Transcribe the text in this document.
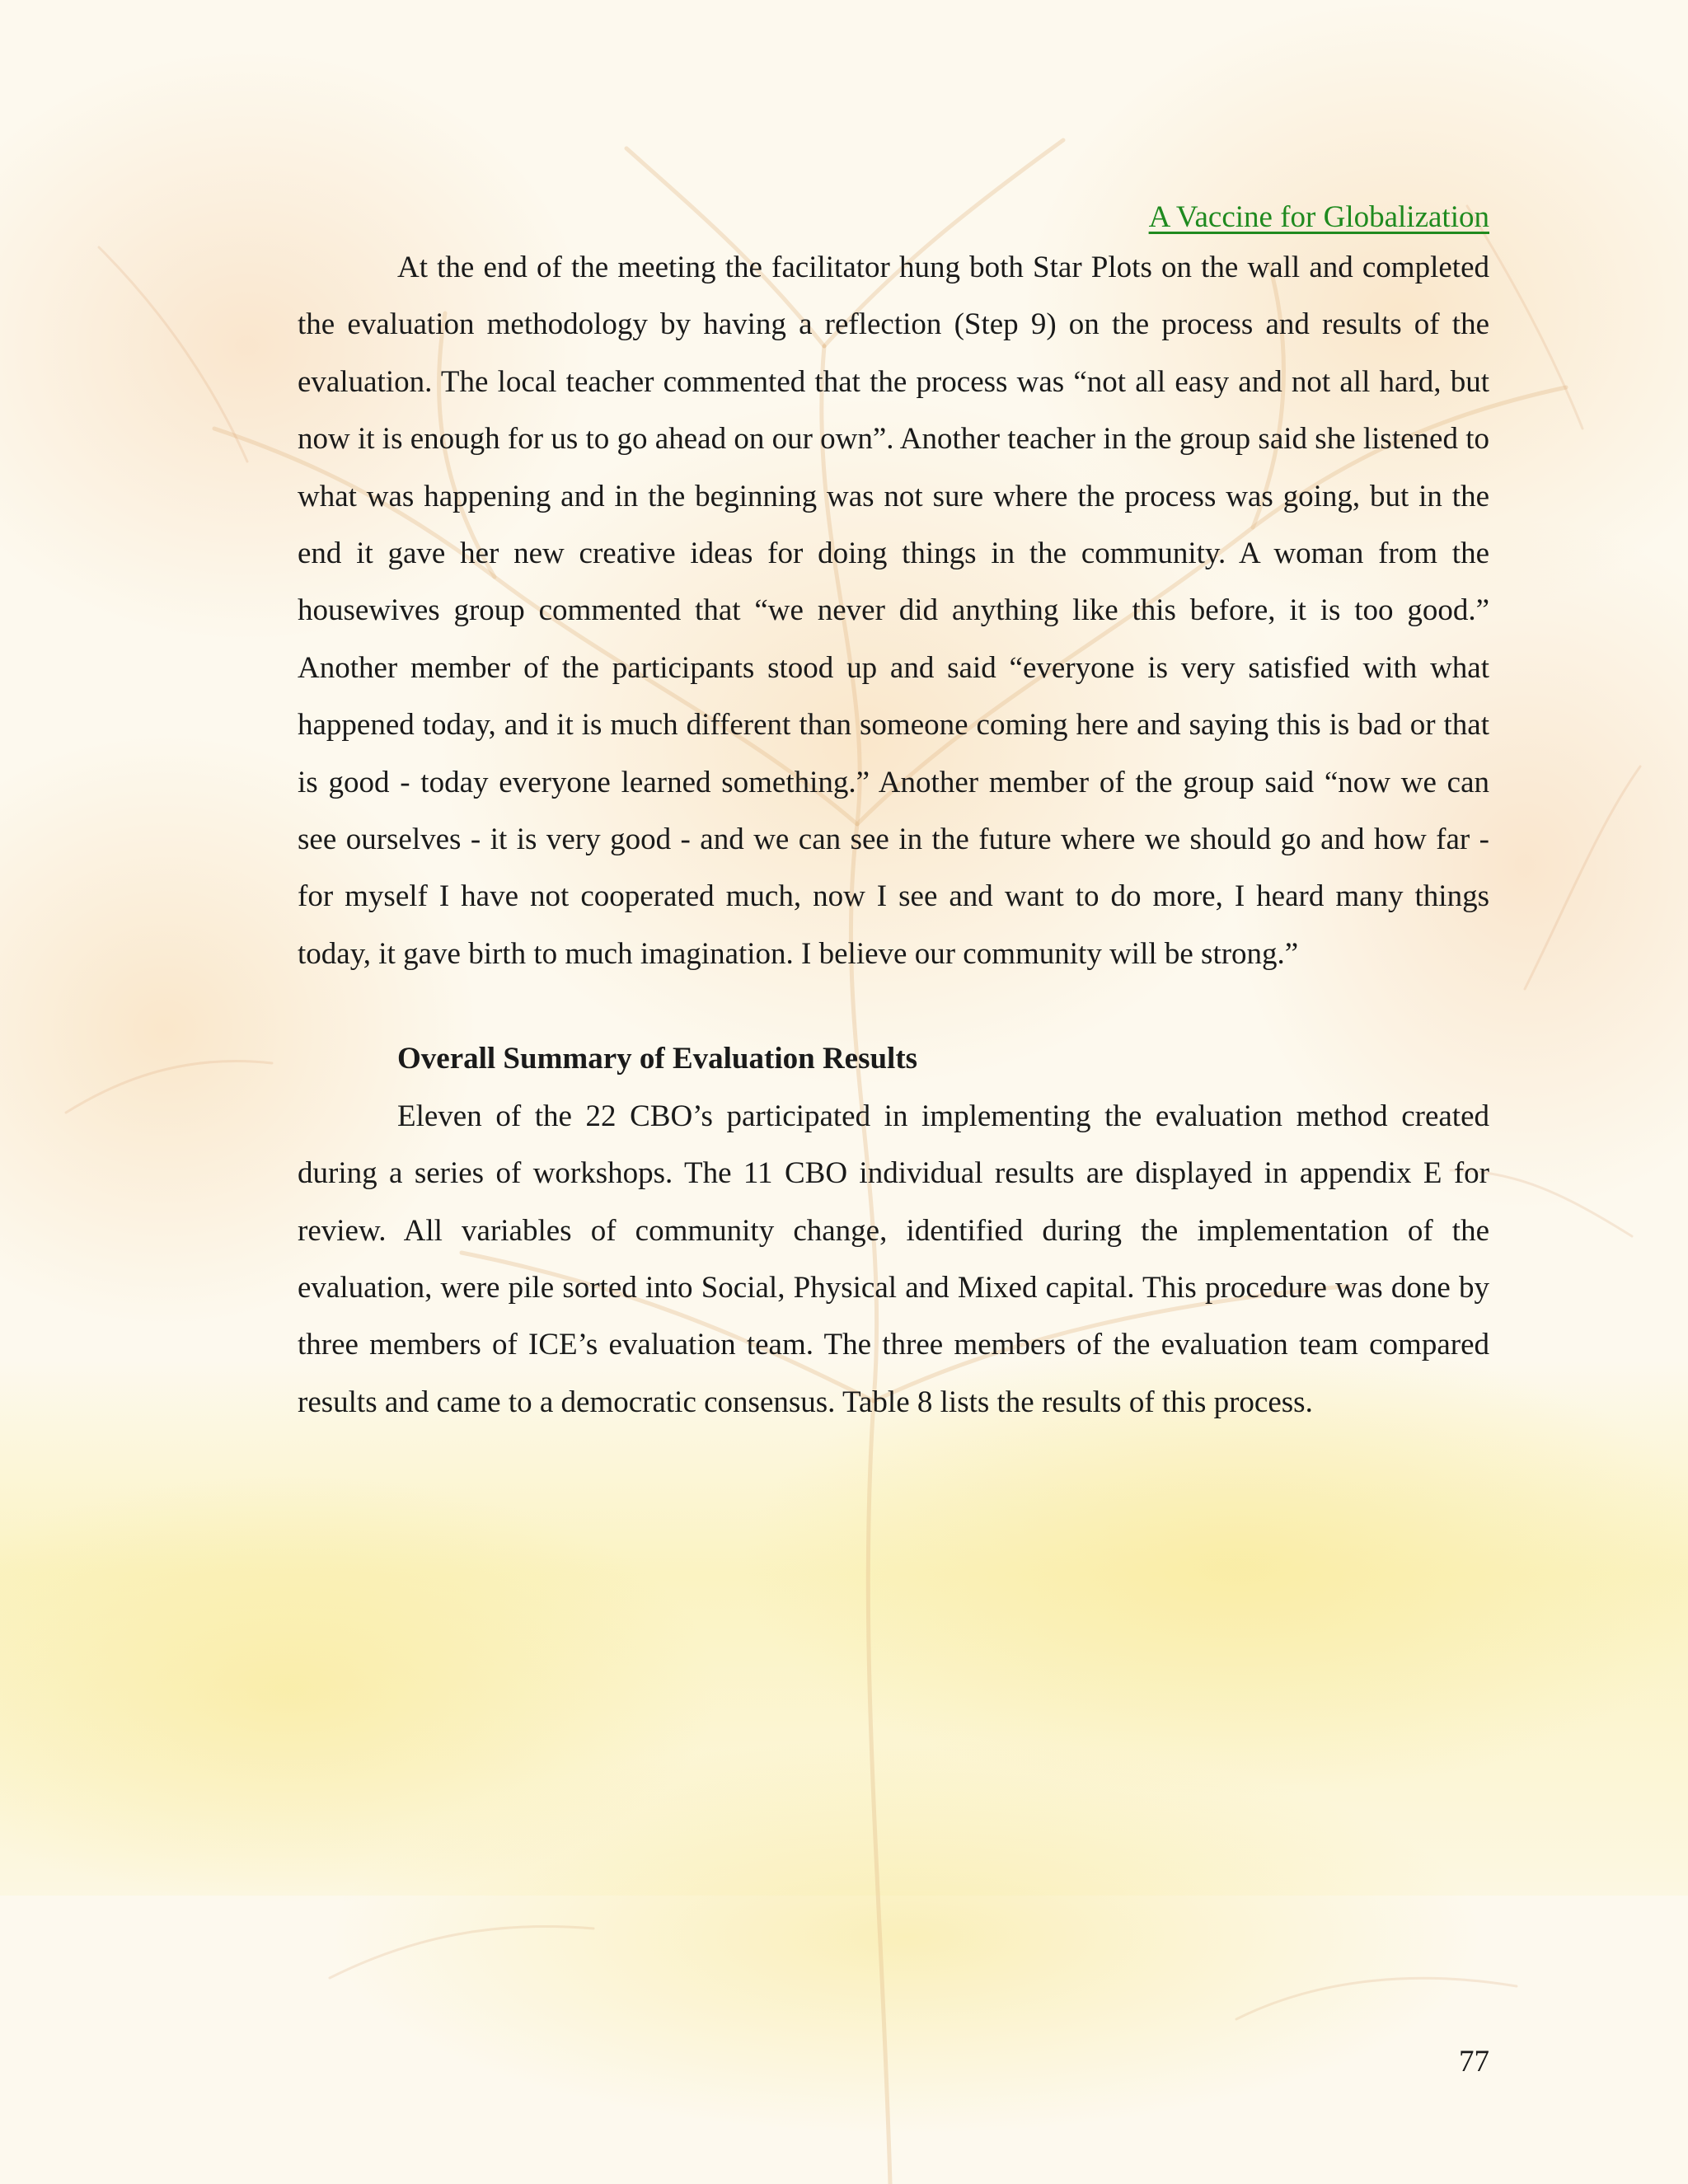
A Vaccine for Globalization

At the end of the meeting the facilitator hung both Star Plots on the wall and completed the evaluation methodology by having a reflection (Step 9) on the process and results of the evaluation. The local teacher commented that the process was “not all easy and not all hard, but now it is enough for us to go ahead on our own”. Another teacher in the group said she listened to what was happening and in the beginning was not sure where the process was going, but in the end it gave her new creative ideas for doing things in the community. A woman from the housewives group commented that “we never did anything like this before, it is too good.” Another member of the participants stood up and said “everyone is very satisfied with what happened today, and it is much different than someone coming here and saying this is bad or that is good - today everyone learned something.” Another member of the group said “now we can see ourselves - it is very good - and we can see in the future where we should go and how far - for myself I have not cooperated much, now I see and want to do more, I heard many things today, it gave birth to much imagination. I believe our community will be strong.”

Overall Summary of Evaluation Results

Eleven of the 22 CBO’s participated in implementing the evaluation method created during a series of workshops. The 11 CBO individual results are displayed in appendix E for review. All variables of community change, identified during the implementation of the evaluation, were pile sorted into Social, Physical and Mixed capital. This procedure was done by three members of ICE’s evaluation team. The three members of the evaluation team compared results and came to a democratic consensus. Table 8 lists the results of this process.

77
